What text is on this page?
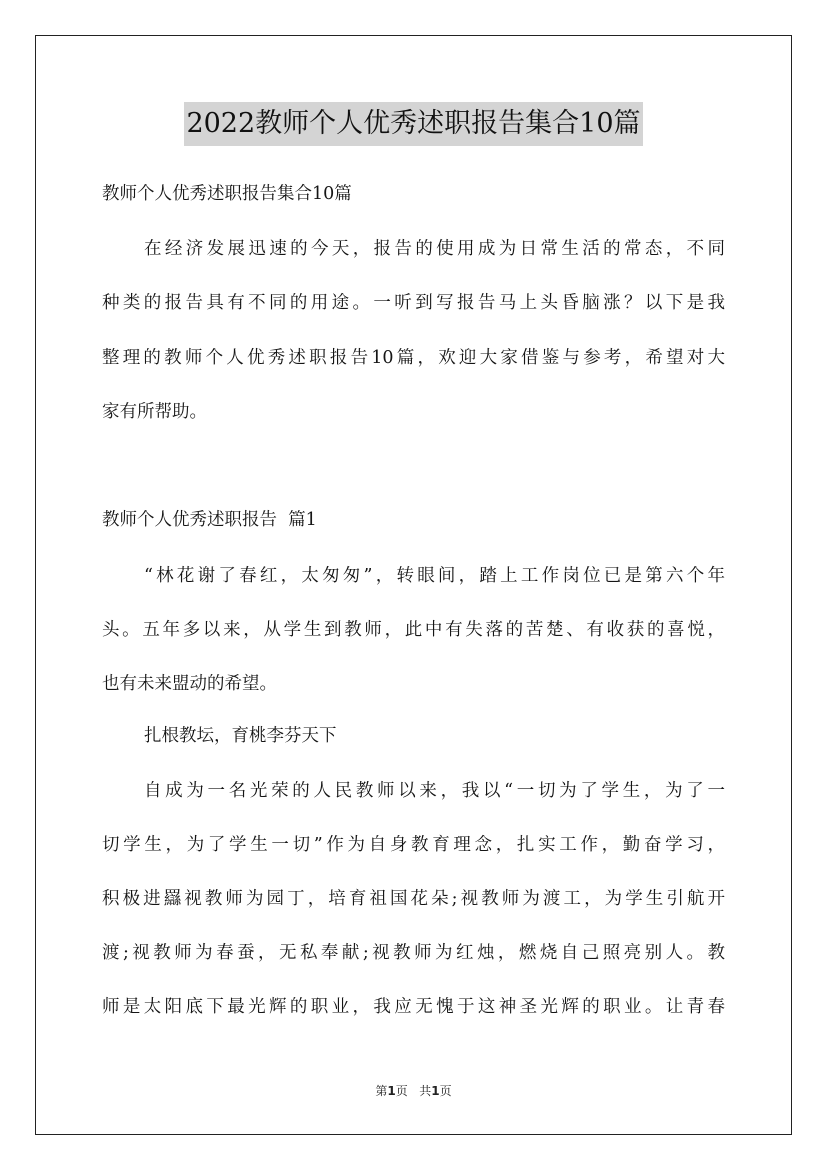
2022教师个人优秀述职报告集合10篇

教师个人优秀述职报告集合10篇

在经济发展迅速的今天，报告的使用成为日常生活的常态，不同

种类的报告具有不同的用途。一听到写报告马上头昏脑涨？以下是我

整理的教师个人优秀述职报告10篇，欢迎大家借鉴与参考，希望对大

家有所帮助。

教师个人优秀述职报告  篇1

“林花谢了春红，太匆匆”，转眼间，踏上工作岗位已是第六个年

头。五年多以来，从学生到教师，此中有失落的苦楚、有收获的喜悦，

也有未来盟动的希望。

扎根教坛，育桃李芬天下

自成为一名光荣的人民教师以来，我以“一切为了学生，为了一

切学生，为了学生一切”作为自身教育理念，扎实工作，勤奋学习，

积极进羉视教师为园丁，培育祖国花朵;视教师为渡工，为学生引航开

渡;视教师为春蚕，无私奉献;视教师为红烛，燃烧自己照亮别人。教

师是太阳底下最光辉的职业，我应无愧于这神圣光辉的职业。让青春

第1页   共1页
